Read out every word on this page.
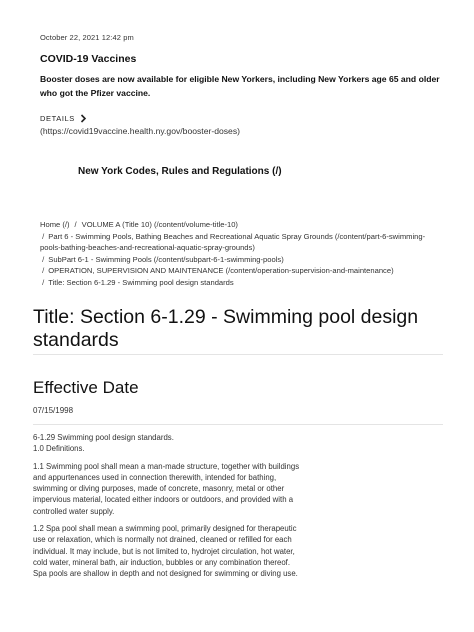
October 22, 2021 12:42 pm
COVID-19 Vaccines
Booster doses are now available for eligible New Yorkers, including New Yorkers age 65 and older who got the Pfizer vaccine.
DETAILS
(https://covid19vaccine.health.ny.gov/booster-doses)
New York Codes, Rules and Regulations (/)
Home (/) / VOLUME A (Title 10) (/content/volume-title-10)
/ Part 6 - Swimming Pools, Bathing Beaches and Recreational Aquatic Spray Grounds (/content/part-6-swimming-pools-bathing-beaches-and-recreational-aquatic-spray-grounds)
/ SubPart 6-1 - Swimming Pools (/content/subpart-6-1-swimming-pools)
/ OPERATION, SUPERVISION AND MAINTENANCE (/content/operation-supervision-and-maintenance)
/ Title: Section 6-1.29 - Swimming pool design standards
Title: Section 6-1.29 - Swimming pool design standards
Effective Date
07/15/1998

6-1.29 Swimming pool design standards.
1.0 Definitions.

1.1 Swimming pool shall mean a man-made structure, together with buildings and appurtenances used in connection therewith, intended for bathing, swimming or diving purposes, made of concrete, masonry, metal or other impervious material, located either indoors or outdoors, and provided with a controlled water supply.

1.2 Spa pool shall mean a swimming pool, primarily designed for therapeutic use or relaxation, which is normally not drained, cleaned or refilled for each individual. It may include, but is not limited to, hydrojet circulation, hot water, cold water, mineral bath, air induction, bubbles or any combination thereof. Spa pools are shallow in depth and not designed for swimming or diving use.
